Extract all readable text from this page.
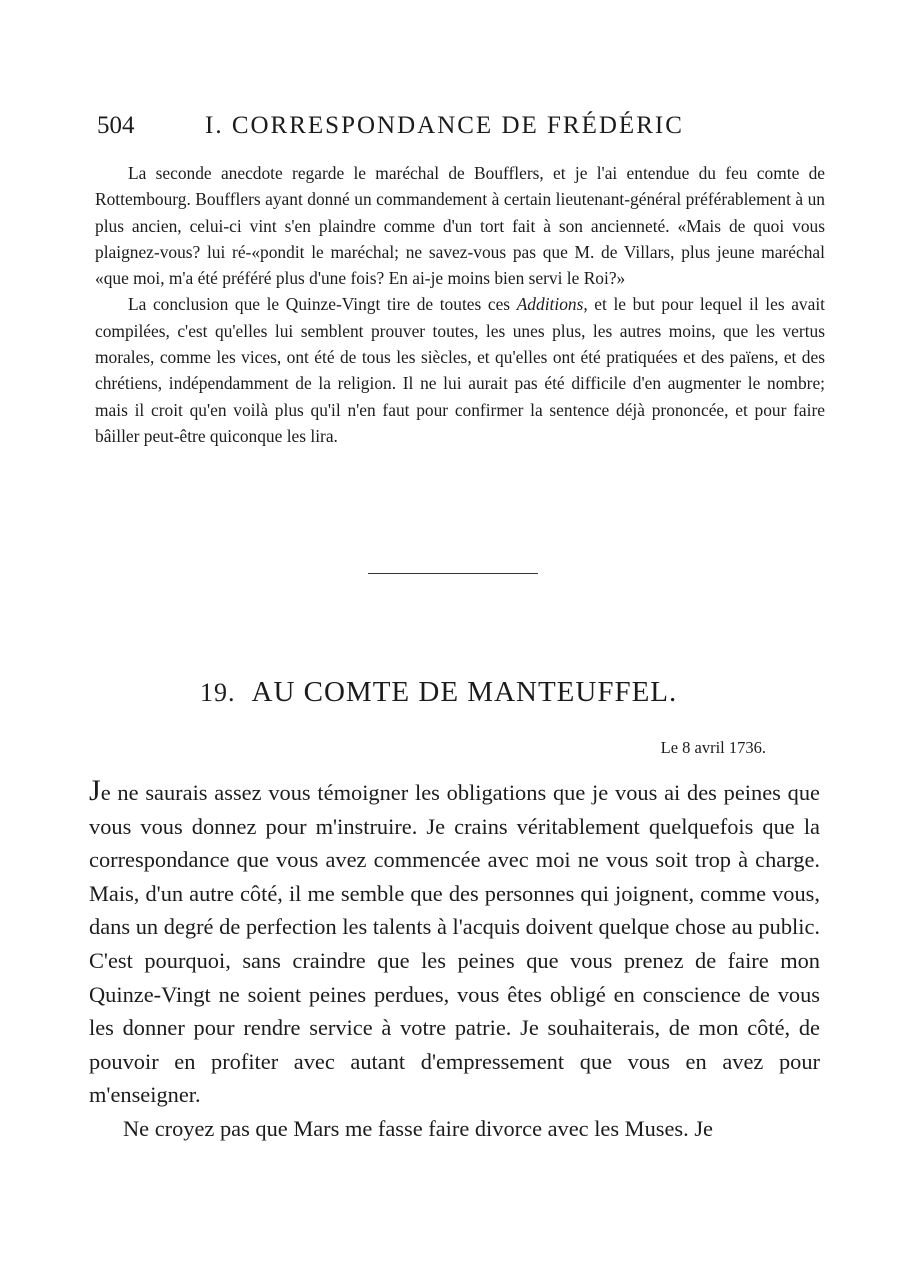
504	I. CORRESPONDANCE DE FRÉDÉRIC

La seconde anecdote regarde le maréchal de Boufflers, et je l'ai entendue du feu comte de Rottembourg. Boufflers ayant donné un commandement à certain lieutenant-général préférablement à un plus ancien, celui-ci vint s'en plaindre comme d'un tort fait à son ancienneté. «Mais de quoi vous plaignez-vous? lui ré-«pondit le maréchal; ne savez-vous pas que M. de Villars, plus jeune maréchal «que moi, m'a été préféré plus d'une fois? En ai-je moins bien servi le Roi?»

La conclusion que le Quinze-Vingt tire de toutes ces Additions, et le but pour lequel il les avait compilées, c'est qu'elles lui semblent prouver toutes, les unes plus, les autres moins, que les vertus morales, comme les vices, ont été de tous les siècles, et qu'elles ont été pratiquées et des païens, et des chrétiens, indépendamment de la religion. Il ne lui aurait pas été difficile d'en augmenter le nombre; mais il croit qu'en voilà plus qu'il n'en faut pour confirmer la sentence déjà prononcée, et pour faire bâiller peut-être quiconque les lira.

19. AU COMTE DE MANTEUFFEL.
Le 8 avril 1736.

Je ne saurais assez vous témoigner les obligations que je vous ai des peines que vous vous donnez pour m'instruire. Je crains véritablement quelquefois que la correspondance que vous avez commencée avec moi ne vous soit trop à charge. Mais, d'un autre côté, il me semble que des personnes qui joignent, comme vous, dans un degré de perfection les talents à l'acquis doivent quelque chose au public. C'est pourquoi, sans craindre que les peines que vous prenez de faire mon Quinze-Vingt ne soient peines perdues, vous êtes obligé en conscience de vous les donner pour rendre service à votre patrie. Je souhaiterais, de mon côté, de pouvoir en profiter avec autant d'empressement que vous en avez pour m'enseigner.

Ne croyez pas que Mars me fasse faire divorce avec les Muses. Je
